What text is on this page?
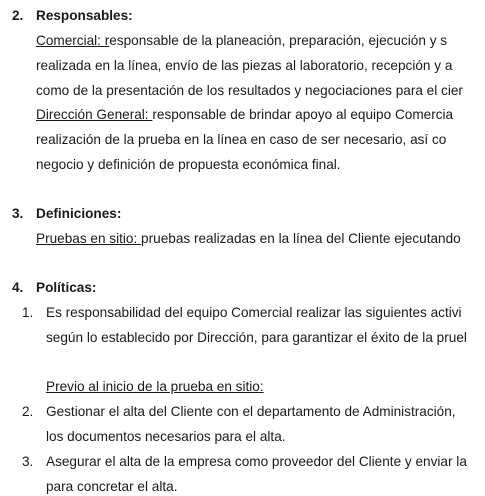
2. Responsables:
Comercial: responsable de la planeación, preparación, ejecución y s
realizada en la línea, envío de las piezas al laboratorio, recepción y a
como de la presentación de los resultados y negociaciones para el cier
Dirección General: responsable de brindar apoyo al equipo Comercia
realización de la prueba en la línea en caso de ser necesario, así co
negocio y definición de propuesta económica final.
3. Definiciones:
Pruebas en sitio: pruebas realizadas en la línea del Cliente ejecutando
4. Políticas:
1. Es responsabilidad del equipo Comercial realizar las siguientes activi
según lo establecido por Dirección, para garantizar el éxito de la pruel
Previo al inicio de la prueba en sitio:
2. Gestionar el alta del Cliente con el departamento de Administración,
los documentos necesarios para el alta.
3. Asegurar el alta de la empresa como proveedor del Cliente y enviar la
para concretar el alta.
